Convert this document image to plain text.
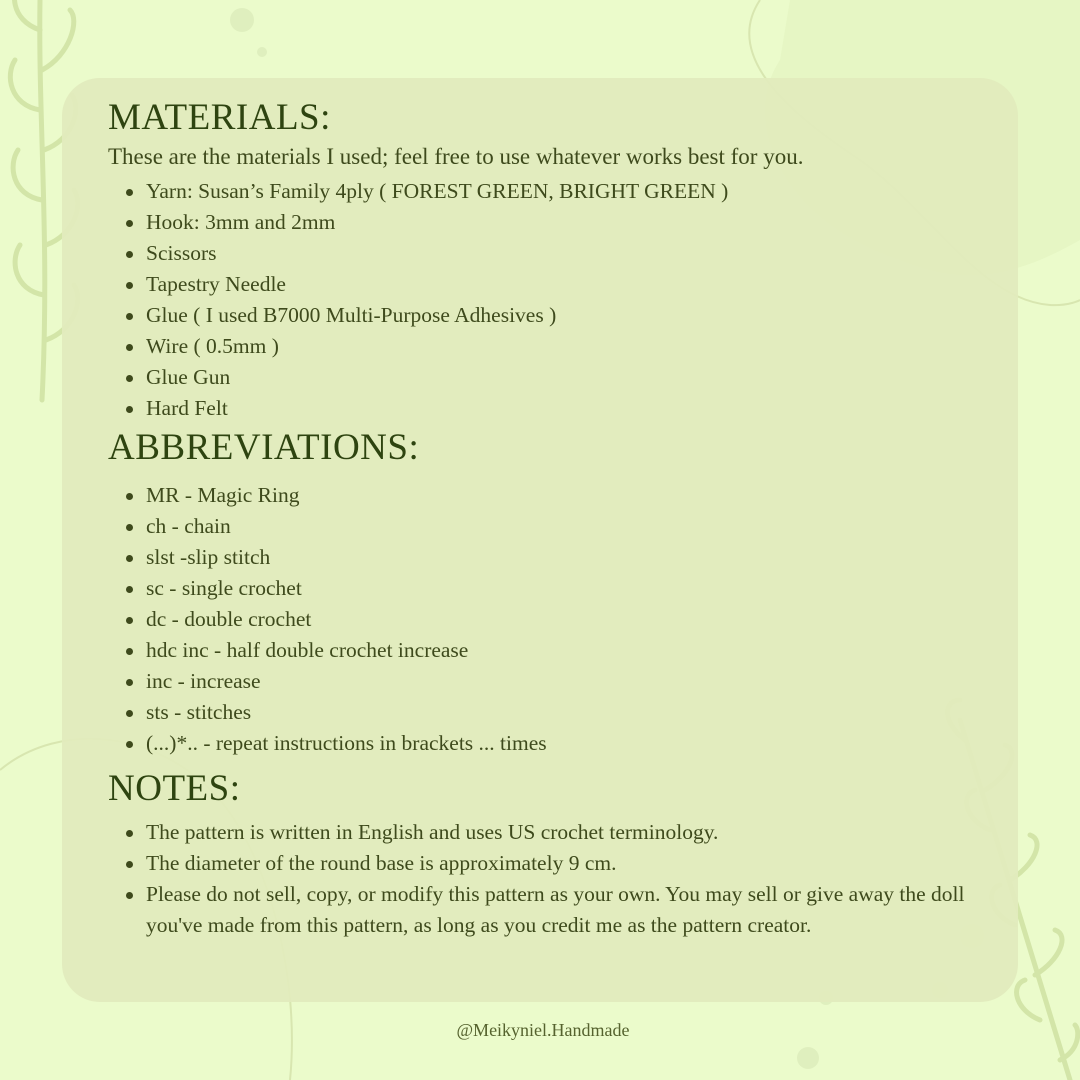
MATERIALS:

These are the materials I used; feel free to use whatever works best for you.

Yarn: Susan’s Family 4ply ( FOREST GREEN, BRIGHT GREEN )
Hook: 3mm and 2mm
Scissors
Tapestry Needle
Glue ( I used B7000 Multi-Purpose Adhesives )
Wire ( 0.5mm )
Glue Gun
Hard Felt
ABBREVIATIONS:
MR - Magic Ring
ch - chain
slst -slip stitch
sc - single crochet
dc - double crochet
hdc inc - half double crochet increase
inc - increase
sts - stitches
(...)*.. - repeat instructions in brackets ... times
NOTES:
The pattern is written in English and uses US crochet terminology.
The diameter of the round base is approximately 9 cm.
Please do not sell, copy, or modify this pattern as your own. You may sell or give away the doll you've made from this pattern, as long as you credit me as the pattern creator.
@Meikyniel.Handmade
